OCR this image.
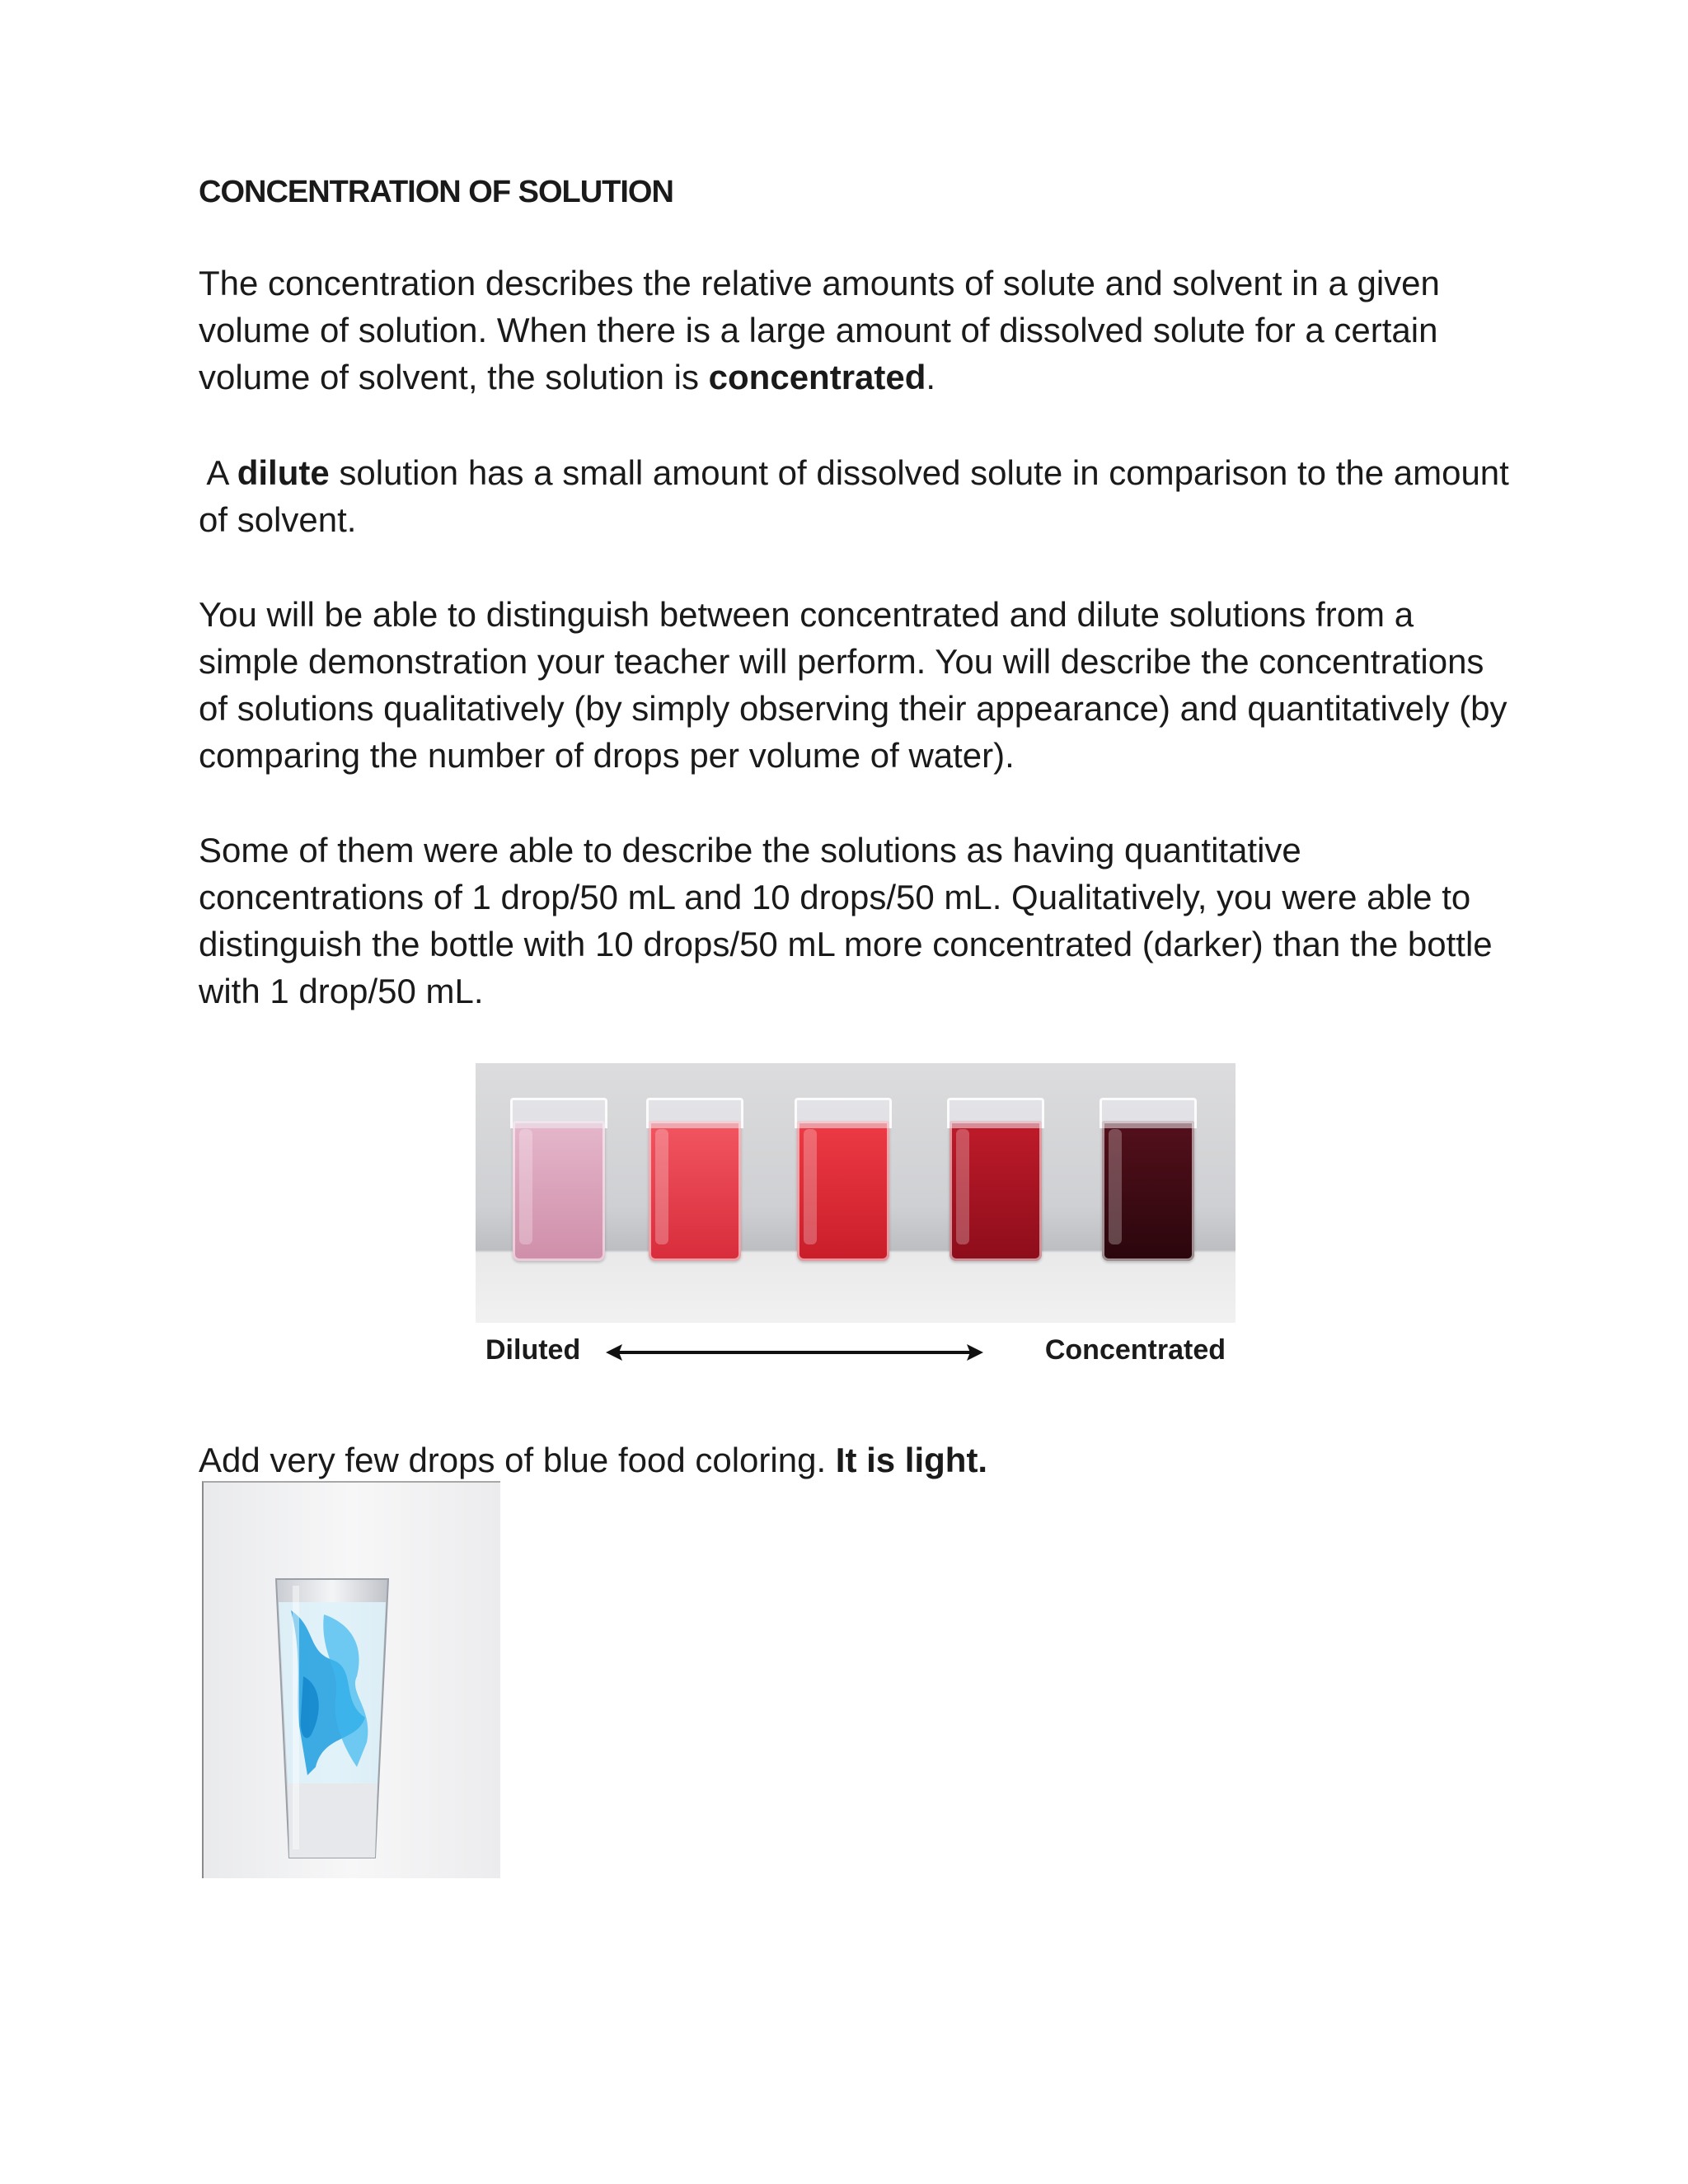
CONCENTRATION OF SOLUTION

The concentration describes the relative amounts of solute and solvent in a given volume of solution. When there is a large amount of dissolved solute for a certain volume of solvent, the solution is concentrated.

A dilute solution has a small amount of dissolved solute in comparison to the amount of solvent.

You will be able to distinguish between concentrated and dilute solutions from a simple demonstration your teacher will perform. You will describe the concentrations of solutions qualitatively (by simply observing their appearance) and quantitatively (by comparing the number of drops per volume of water).

Some of them were able to describe the solutions as having quantitative concentrations of 1 drop/50 mL and 10 drops/50 mL. Qualitatively, you were able to distinguish the bottle with 10 drops/50 mL more concentrated (darker) than the bottle with 1 drop/50 mL.

Diluted	Concentrated

Add very few drops of blue food coloring. It is light.
